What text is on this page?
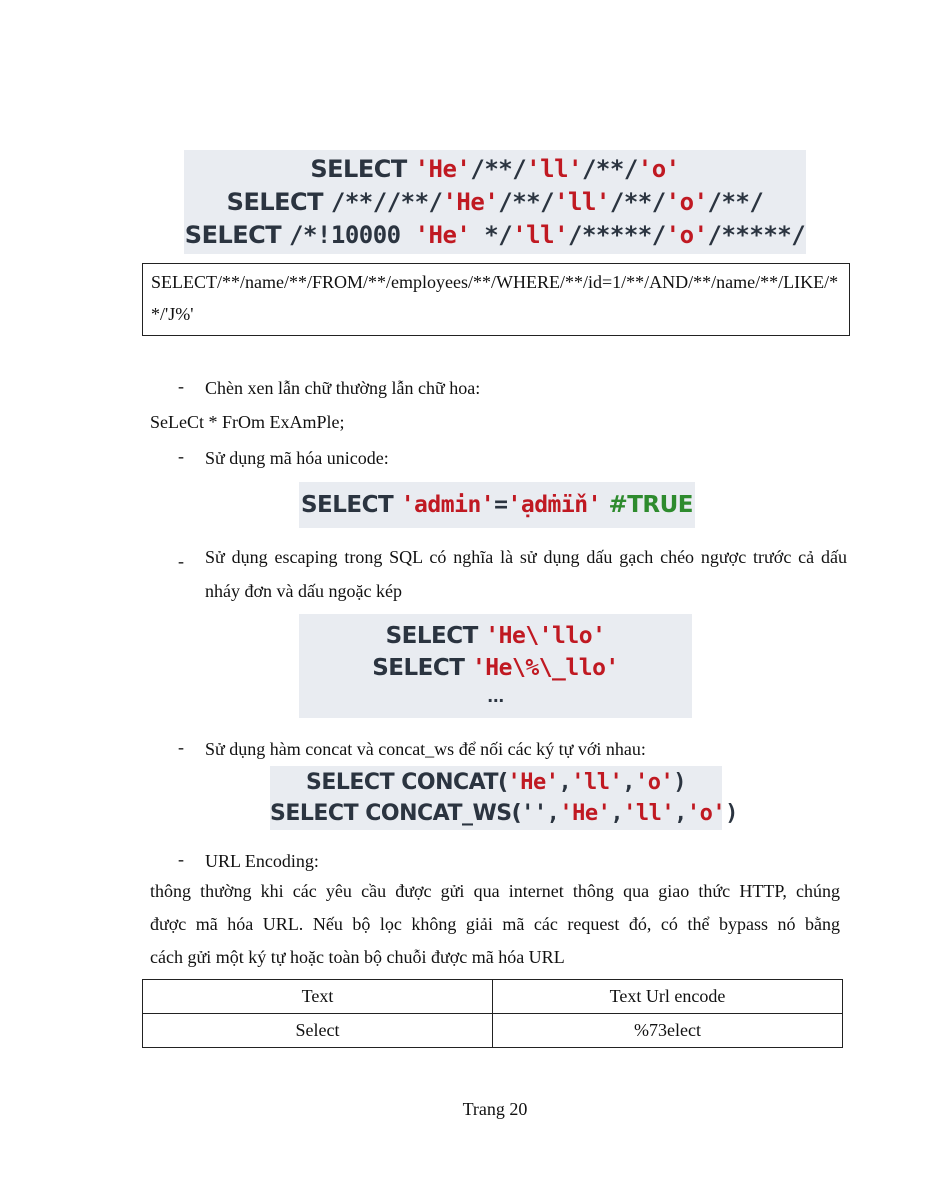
SELECT 'He'/**/'ll'/**/'o'
SELECT /**//**/'He'/**/'ll'/**/'o'/**/
SELECT /*!10000 'He' */'ll'/*****/'o'/*****/
SELECT/**/name/**/FROM/**/employees/**/WHERE/**/id=1/**/AND/**/name/**/LIKE/**/'J%'
- Chèn xen lẫn chữ thường lẫn chữ hoa:
SeLeCt * FrOm ExAmPle;
- Sử dụng mã hóa unicode:
SELECT 'admin'='ạdṁïň' #TRUE
- Sử dụng escaping trong SQL có nghĩa là sử dụng dấu gạch chéo ngược trước cả dấu nháy đơn và dấu ngoặc kép
SELECT 'He\'llo'
SELECT 'He\%\_llo'
...
- Sử dụng hàm concat và concat_ws để nối các ký tự với nhau:
SELECT CONCAT('He','ll','o')
SELECT CONCAT_WS('','He','ll','o')
- URL Encoding:
thông thường khi các yêu cầu được gửi qua internet thông qua giao thức HTTP, chúng
được mã hóa URL. Nếu bộ lọc không giải mã các request đó, có thể bypass nó bằng
cách gửi một ký tự hoặc toàn bộ chuỗi được mã hóa URL
Text	Text Url encode
Select	%73elect
Trang 20
